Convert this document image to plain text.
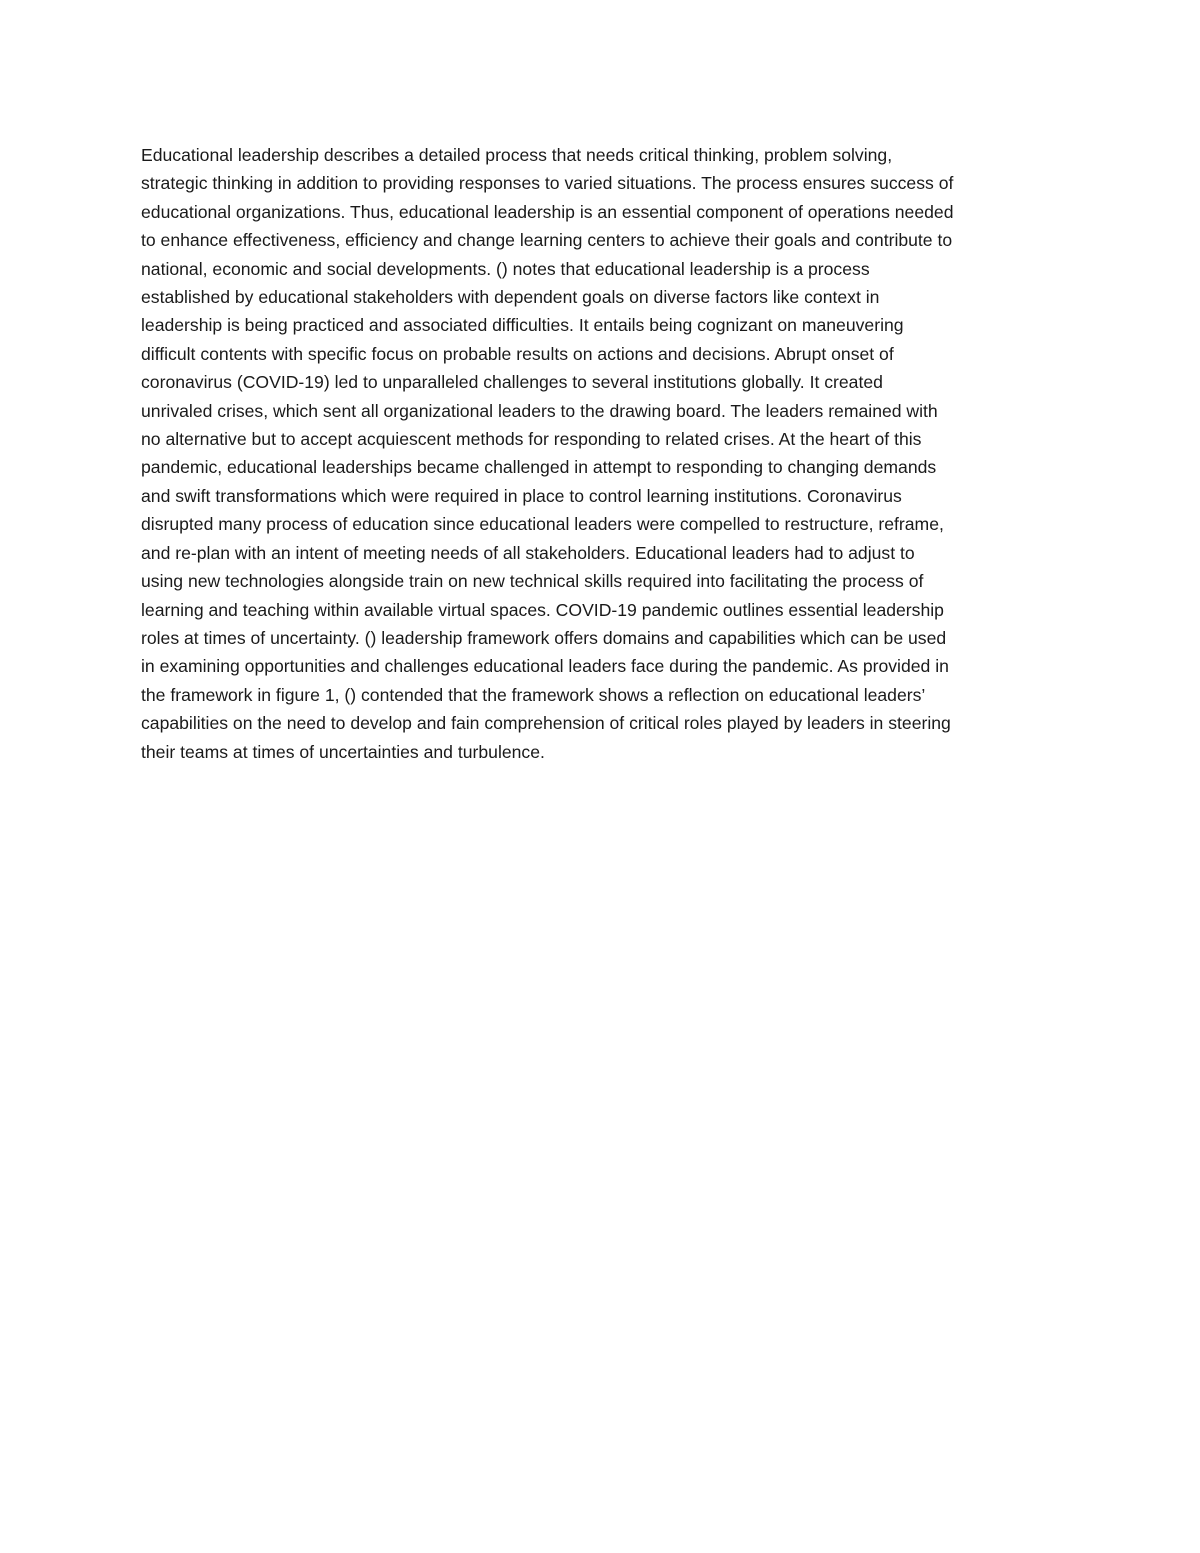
Educational leadership describes a detailed process that needs critical thinking, problem solving,
strategic thinking in addition to providing responses to varied situations. The process ensures success of
educational organizations. Thus, educational leadership is an essential component of operations needed
to enhance effectiveness, efficiency and change learning centers to achieve their goals and contribute to
national, economic and social developments. () notes that educational leadership is a process
established by educational stakeholders with dependent goals on diverse factors like context in
leadership is being practiced and associated difficulties. It entails being cognizant on maneuvering
difficult contents with specific focus on probable results on actions and decisions. Abrupt onset of
coronavirus (COVID-19) led to unparalleled challenges to several institutions globally. It created
unrivaled crises, which sent all organizational leaders to the drawing board. The leaders remained with
no alternative but to accept acquiescent methods for responding to related crises. At the heart of this
pandemic, educational leaderships became challenged in attempt to responding to changing demands
and swift transformations which were required in place to control learning institutions. Coronavirus
disrupted many process of education since educational leaders were compelled to restructure, reframe,
and re-plan with an intent of meeting needs of all stakeholders. Educational leaders had to adjust to
using new technologies alongside train on new technical skills required into facilitating the process of
learning and teaching within available virtual spaces. COVID-19 pandemic outlines essential leadership
roles at times of uncertainty. () leadership framework offers domains and capabilities which can be used
in examining opportunities and challenges educational leaders face during the pandemic. As provided in
the framework in figure 1, () contended that the framework shows a reflection on educational leaders’
capabilities on the need to develop and fain comprehension of critical roles played by leaders in steering
their teams at times of uncertainties and turbulence.
